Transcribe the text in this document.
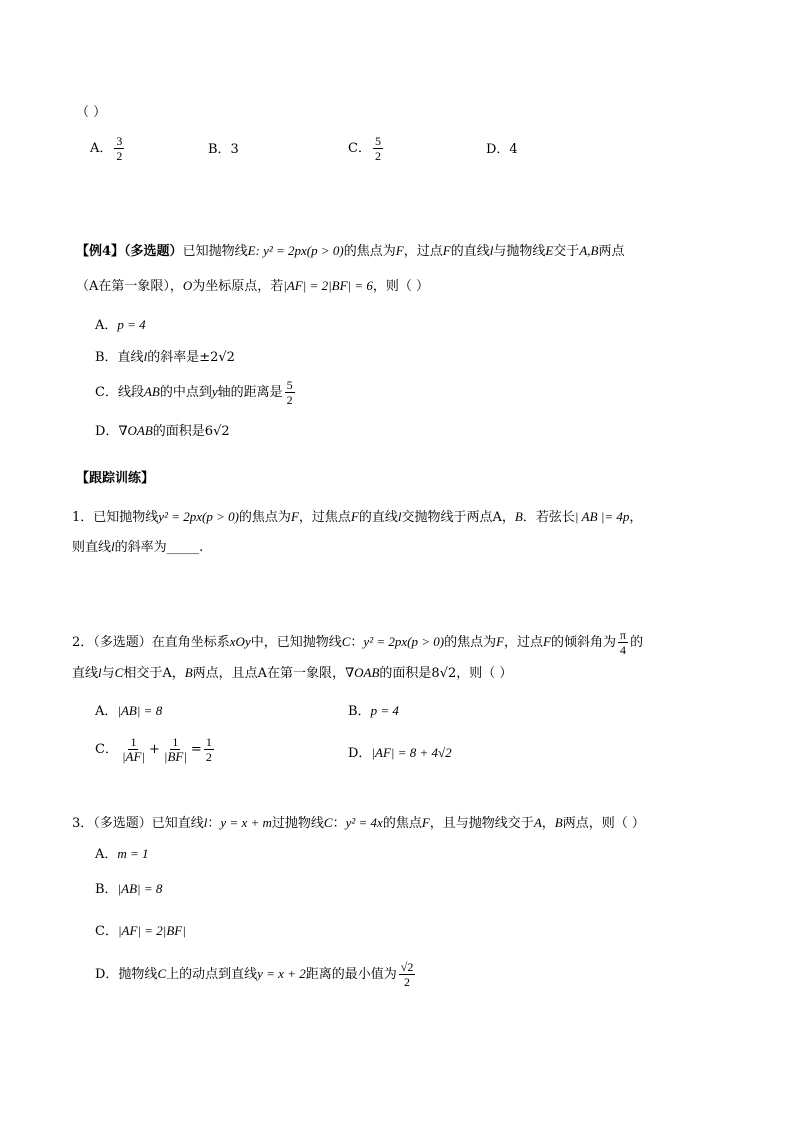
（ ）
A． $\frac{3}{2}$	B．3	C． $\frac{5}{2}$	D．4
【例4】（多选题）已知抛物线E: y² = 2px(p > 0)的焦点为F，过点F的直线l与抛物线E交于A,B两点
（A在第一象限），O为坐标原点，若|AF| = 2|BF| = 6，则（ ）
A．p = 4
B．直线l的斜率是±2√2
C．线段AB的中点到y轴的距离是 $\frac{5}{2}$
D．∇OAB的面积是6√2
【跟踪训练】
1．已知抛物线y² = 2px(p > 0)的焦点为F，过焦点F的直线l交抛物线于两点A，B．若弦长| AB |= 4p，
则直线l的斜率为_____.
2．（多选题）在直角坐标系xOy中，已知抛物线C：y² = 2px(p > 0)的焦点为F，过点F的倾斜角为 $\frac{\pi}{4}$ 的
直线l与C相交于A，B两点，且点A在第一象限，∇OAB的面积是8√2，则（ ）
A．|AB| = 8	B．p = 4
C． $\frac{1}{|AF|} + \frac{1}{|BF|} = \frac{1}{2}$	D．|AF| = 8 + 4√2
3．（多选题）已知直线l：y = x + m过抛物线C：y² = 4x的焦点F，且与抛物线交于A，B两点，则（ ）
A．m = 1
B．|AB| = 8
C．|AF| = 2|BF|
D．抛物线C上的动点到直线y = x + 2距离的最小值为 $\frac{√2}{2}$
